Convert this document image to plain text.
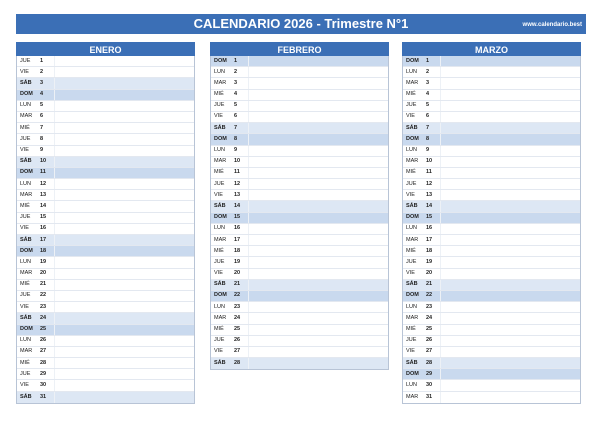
CALENDARIO 2026 - Trimestre N°1	www.calendario.best
ENERO
JUE	1
VIE	2
SÁB	3
DOM	4
LUN	5
MAR	6
MIÉ	7
JUE	8
VIE	9
SÁB	10
DOM	11
LUN	12
MAR	13
MIÉ	14
JUE	15
VIE	16
SÁB	17
DOM	18
LUN	19
MAR	20
MIÉ	21
JUE	22
VIE	23
SÁB	24
DOM	25
LUN	26
MAR	27
MIÉ	28
JUE	29
VIE	30
SÁB	31
FEBRERO
DOM	1
LUN	2
MAR	3
MIÉ	4
JUE	5
VIE	6
SÁB	7
DOM	8
LUN	9
MAR	10
MIÉ	11
JUE	12
VIE	13
SÁB	14
DOM	15
LUN	16
MAR	17
MIÉ	18
JUE	19
VIE	20
SÁB	21
DOM	22
LUN	23
MAR	24
MIÉ	25
JUE	26
VIE	27
SÁB	28
MARZO
DOM	1
LUN	2
MAR	3
MIÉ	4
JUE	5
VIE	6
SÁB	7
DOM	8
LUN	9
MAR	10
MIÉ	11
JUE	12
VIE	13
SÁB	14
DOM	15
LUN	16
MAR	17
MIÉ	18
JUE	19
VIE	20
SÁB	21
DOM	22
LUN	23
MAR	24
MIÉ	25
JUE	26
VIE	27
SÁB	28
DOM	29
LUN	30
MAR	31
